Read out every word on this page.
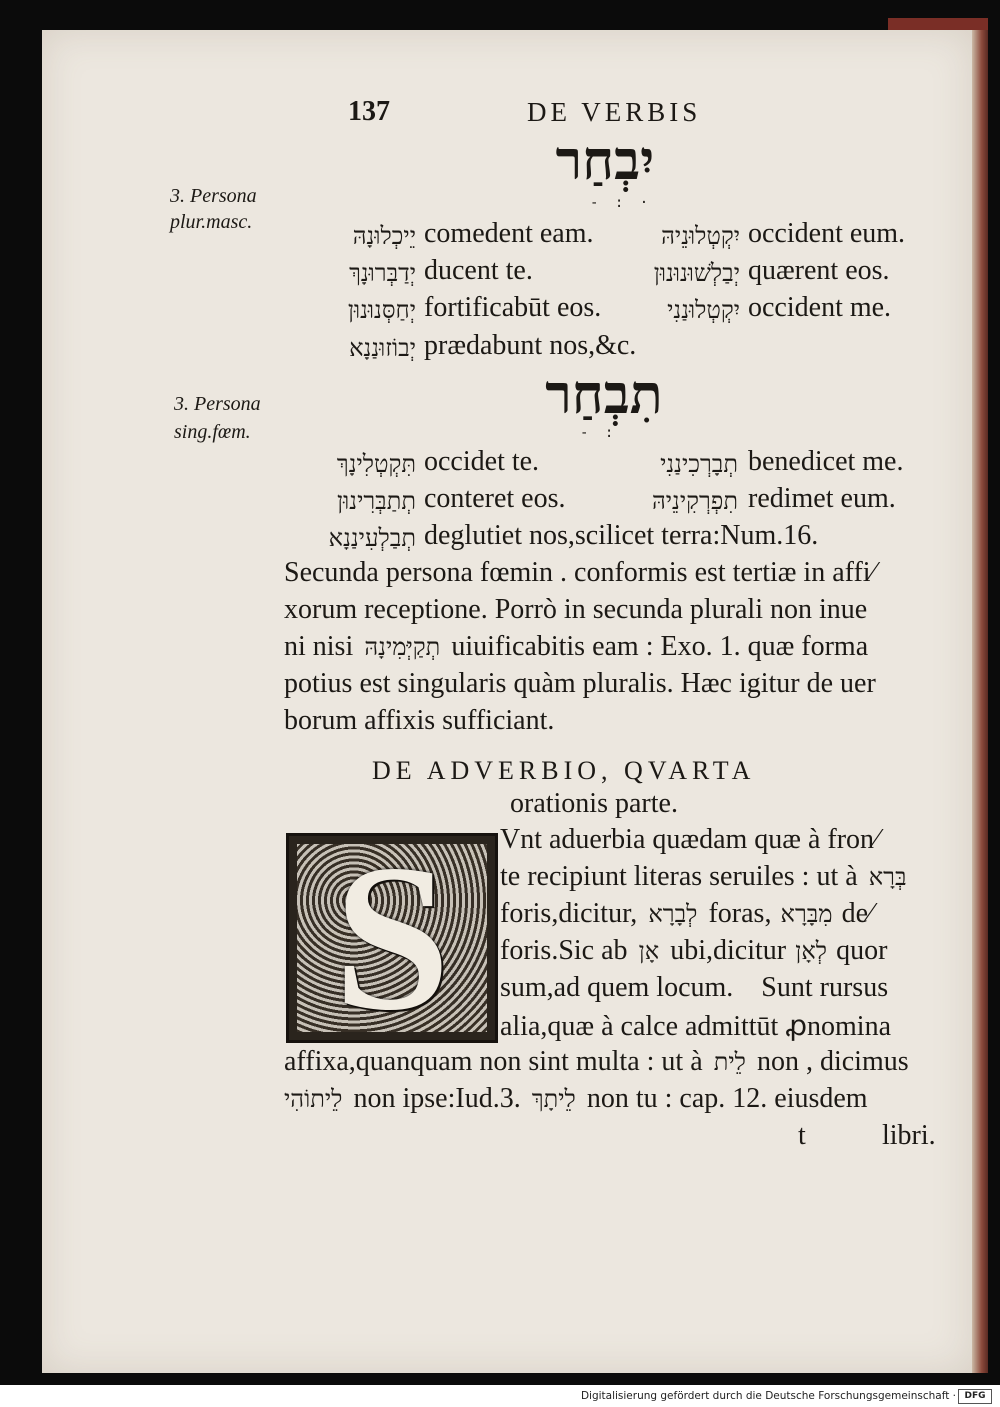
137	DE VERBIS
יִבְחַר
- : ·
3. Persona
plur.masc.	יֵיכְלוּנָהּ comedent eam.	יִקְטְלוּנֵיהּ occident eum.
יְדַבְּרוּנָךְ ducent te.	יְבַלְשׁוּנוּנוּן quærent eos.
יְחַסְּנוּנוּן fortificabūt eos.	יִקְטְלוּנַנִי occident me.
יְבוֹזוּנַנָא prædabunt nos,&c.
תִבְחַר
- :
3. Persona
sing.fœm.
תִּקְטְלִינָךְ occidet te.	תְבָרְכִינַנִי benedicet me.
תְתַבְּרִינוּן conteret eos.	תִפְרְקִינֵיהּ redimet eum.
תְבַלְעִינַנָא deglutiet nos,scilicet terra:Num.16.
Secunda persona fœmin . conformis est tertiæ in affi⁄
xorum receptione. Porrò in secunda plurali non inue
ni nisi תְקַיְּמִינָהּ uiuificabitis eam : Exo. 1. quæ forma
potius est singularis quàm pluralis. Hæc igitur de uer
borum affixis sufficiant.
DE ADVERBIO, QVARTA
orationis parte.
S	Vnt aduerbia quædam quæ à fron⁄
te recipiunt literas seruiles : ut à בְּרָא
foris,dicitur, לְבָרָא foras, מִבָּרָא de⁄
foris.Sic ab אָן ubi,dicitur לְאָן quor
sum,ad quem locum.    Sunt rursus
alia,quæ à calce admittūt ꝓnomina
affixa,quanquam non sint multa : ut à לֵית non , dicimus
לֵיתוֹהִי non ipse:Iud.3. לֵיתָךְ non tu : cap. 12. eiusdem
t	libri.
Digitalisierung gefördert durch die Deutsche Forschungsgemeinschaft · DFG
